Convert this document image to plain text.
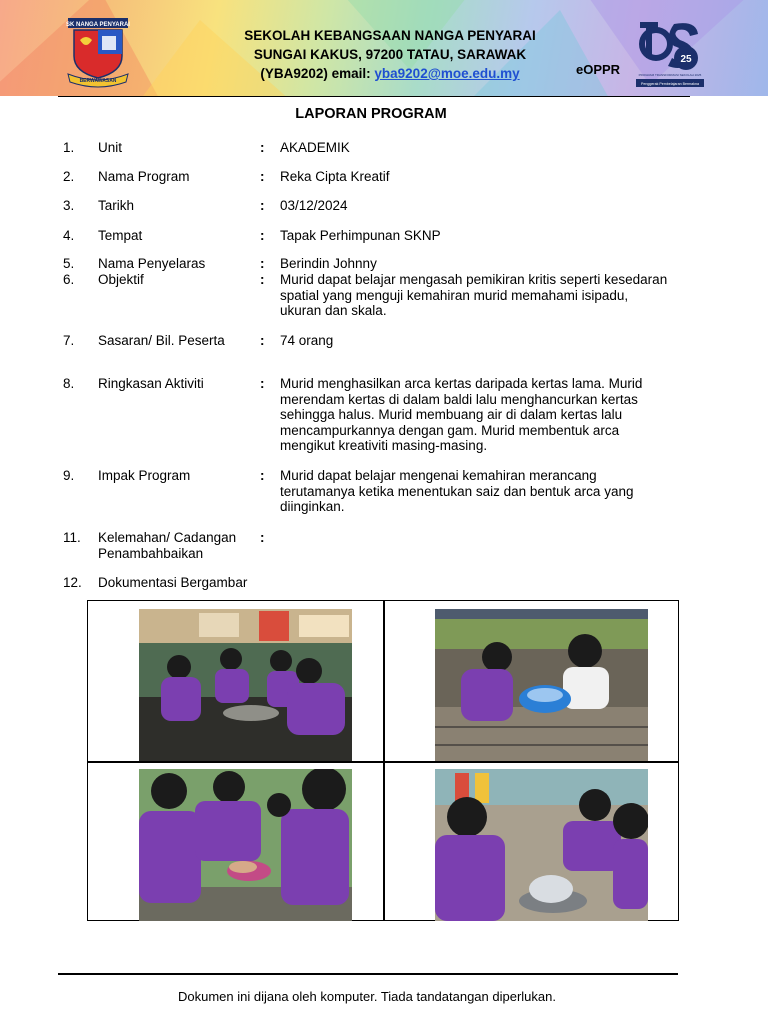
SK NANGA PENYARAI
BERWAWASAN
SEKOLAH KEBANGSAAN NANGA PENYARAI
SUNGAI KAKUS, 97200 TATAU, SARAWAK
(YBA9202) email: yba9202@moe.edu.my	eOPPR
25
PROGRAM TRANSFORMASI SEKOLAH 2025
Penggerak Pembelajaran Bermakna
LAPORAN PROGRAM
1. Unit	: AKADEMIK
2. Nama Program	: Reka Cipta Kreatif
3. Tarikh	: 03/12/2024
4. Tempat	: Tapak Perhimpunan SKNP
5. Nama Penyelaras	: Berindin Johnny
6. Objektif	: Murid dapat belajar mengasah pemikiran kritis seperti kesedaran spatial yang menguji kemahiran murid memahami isipadu, ukuran dan skala.
7. Sasaran/ Bil. Peserta	: 74 orang
8. Ringkasan Aktiviti	: Murid menghasilkan arca kertas daripada kertas lama. Murid merendam kertas di dalam baldi lalu menghancurkan kertas sehingga halus. Murid membuang air di dalam kertas lalu mencampurkannya dengan gam. Murid membentuk arca mengikut kreativiti masing-masing.
9. Impak Program	: Murid dapat belajar mengenai kemahiran merancang terutamanya ketika menentukan saiz dan bentuk arca yang diinginkan.
11. Kelemahan/ Cadangan Penambahbaikan
:
12. Dokumentasi Bergambar
Dokumen ini dijana oleh komputer. Tiada tandatangan diperlukan.
